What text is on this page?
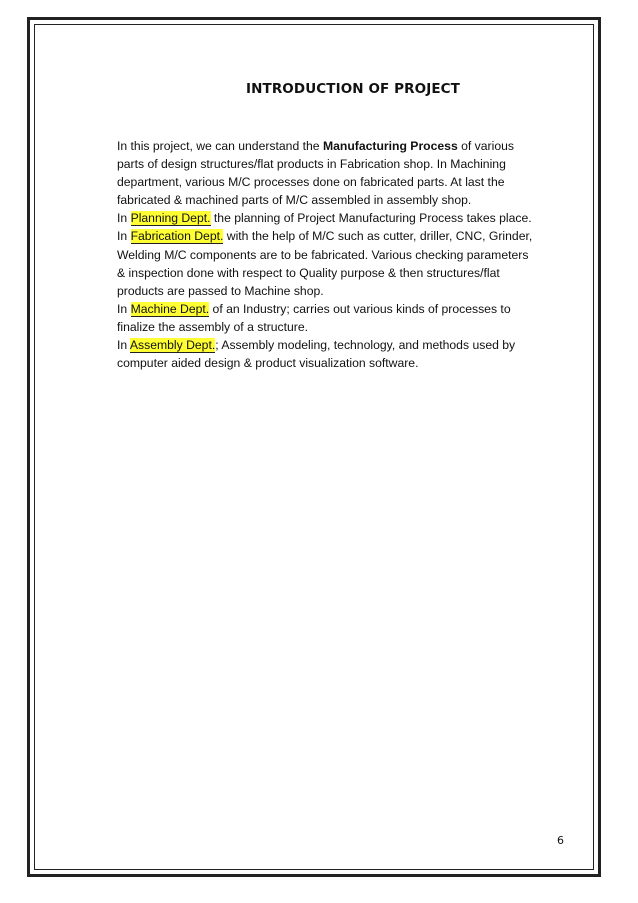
INTRODUCTION OF PROJECT
In this project, we can understand the Manufacturing Process of various
parts of design structures/flat products in Fabrication shop. In Machining
department, various M/C processes done on fabricated parts. At last the
fabricated & machined parts of M/C assembled in assembly shop.
In Planning Dept. the planning of Project Manufacturing Process takes place.
In Fabrication Dept. with the help of M/C such as cutter, driller, CNC, Grinder,
Welding M/C components are to be fabricated. Various checking parameters
& inspection done with respect to Quality purpose & then structures/flat
products are passed to Machine shop.
In Machine Dept. of an Industry; carries out various kinds of processes to
finalize the assembly of a structure.
In Assembly Dept.; Assembly modeling, technology, and methods used by
computer aided design & product visualization software.
6
